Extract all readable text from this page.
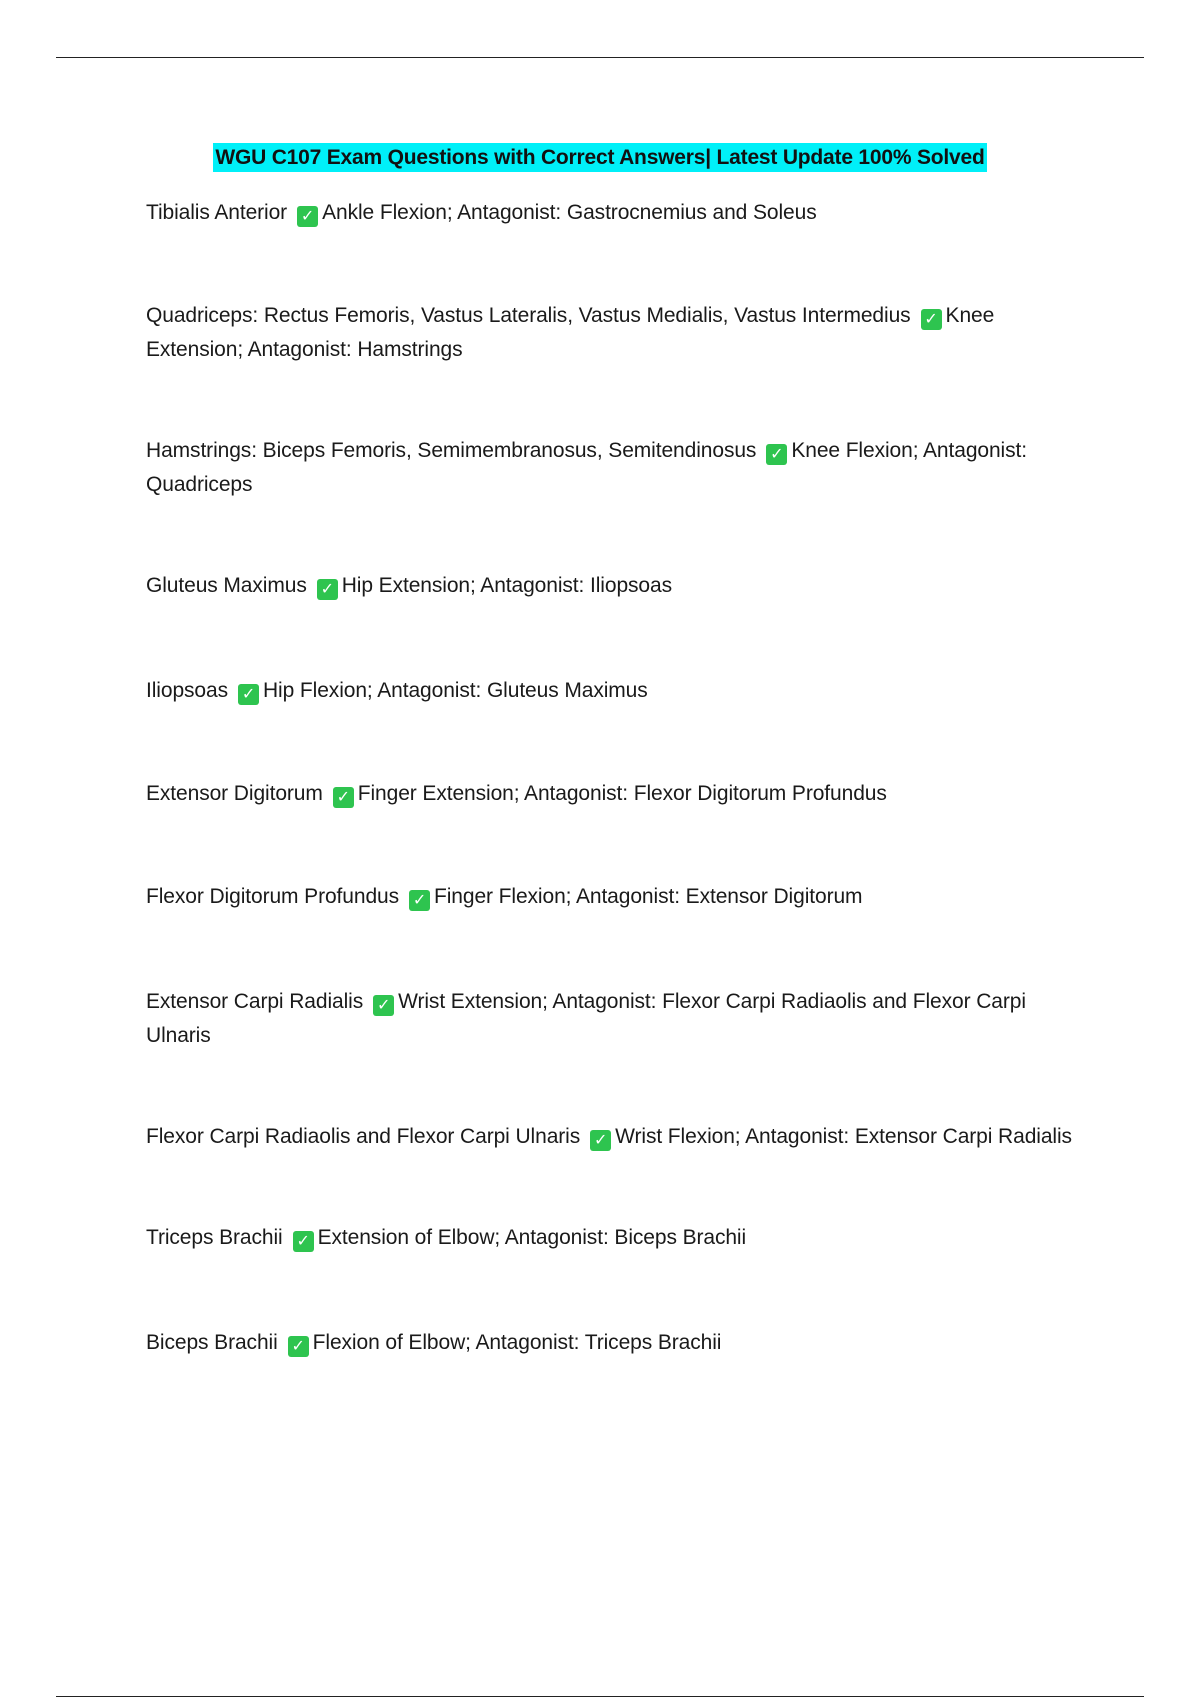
WGU C107 Exam Questions with Correct Answers| Latest Update 100% Solved

Tibialis Anterior ✓ Ankle Flexion; Antagonist: Gastrocnemius and Soleus

Quadriceps: Rectus Femoris, Vastus Lateralis, Vastus Medialis, Vastus Intermedius ✓ Knee Extension; Antagonist: Hamstrings

Hamstrings: Biceps Femoris, Semimembranosus, Semitendinosus ✓ Knee Flexion; Antagonist: Quadriceps

Gluteus Maximus ✓ Hip Extension; Antagonist: Iliopsoas

Iliopsoas ✓ Hip Flexion; Antagonist: Gluteus Maximus

Extensor Digitorum ✓ Finger Extension; Antagonist: Flexor Digitorum Profundus

Flexor Digitorum Profundus ✓ Finger Flexion; Antagonist: Extensor Digitorum

Extensor Carpi Radialis ✓ Wrist Extension; Antagonist: Flexor Carpi Radiaolis and Flexor Carpi Ulnaris

Flexor Carpi Radiaolis and Flexor Carpi Ulnaris ✓ Wrist Flexion; Antagonist: Extensor Carpi Radialis

Triceps Brachii ✓ Extension of Elbow; Antagonist: Biceps Brachii

Biceps Brachii ✓ Flexion of Elbow; Antagonist: Triceps Brachii
